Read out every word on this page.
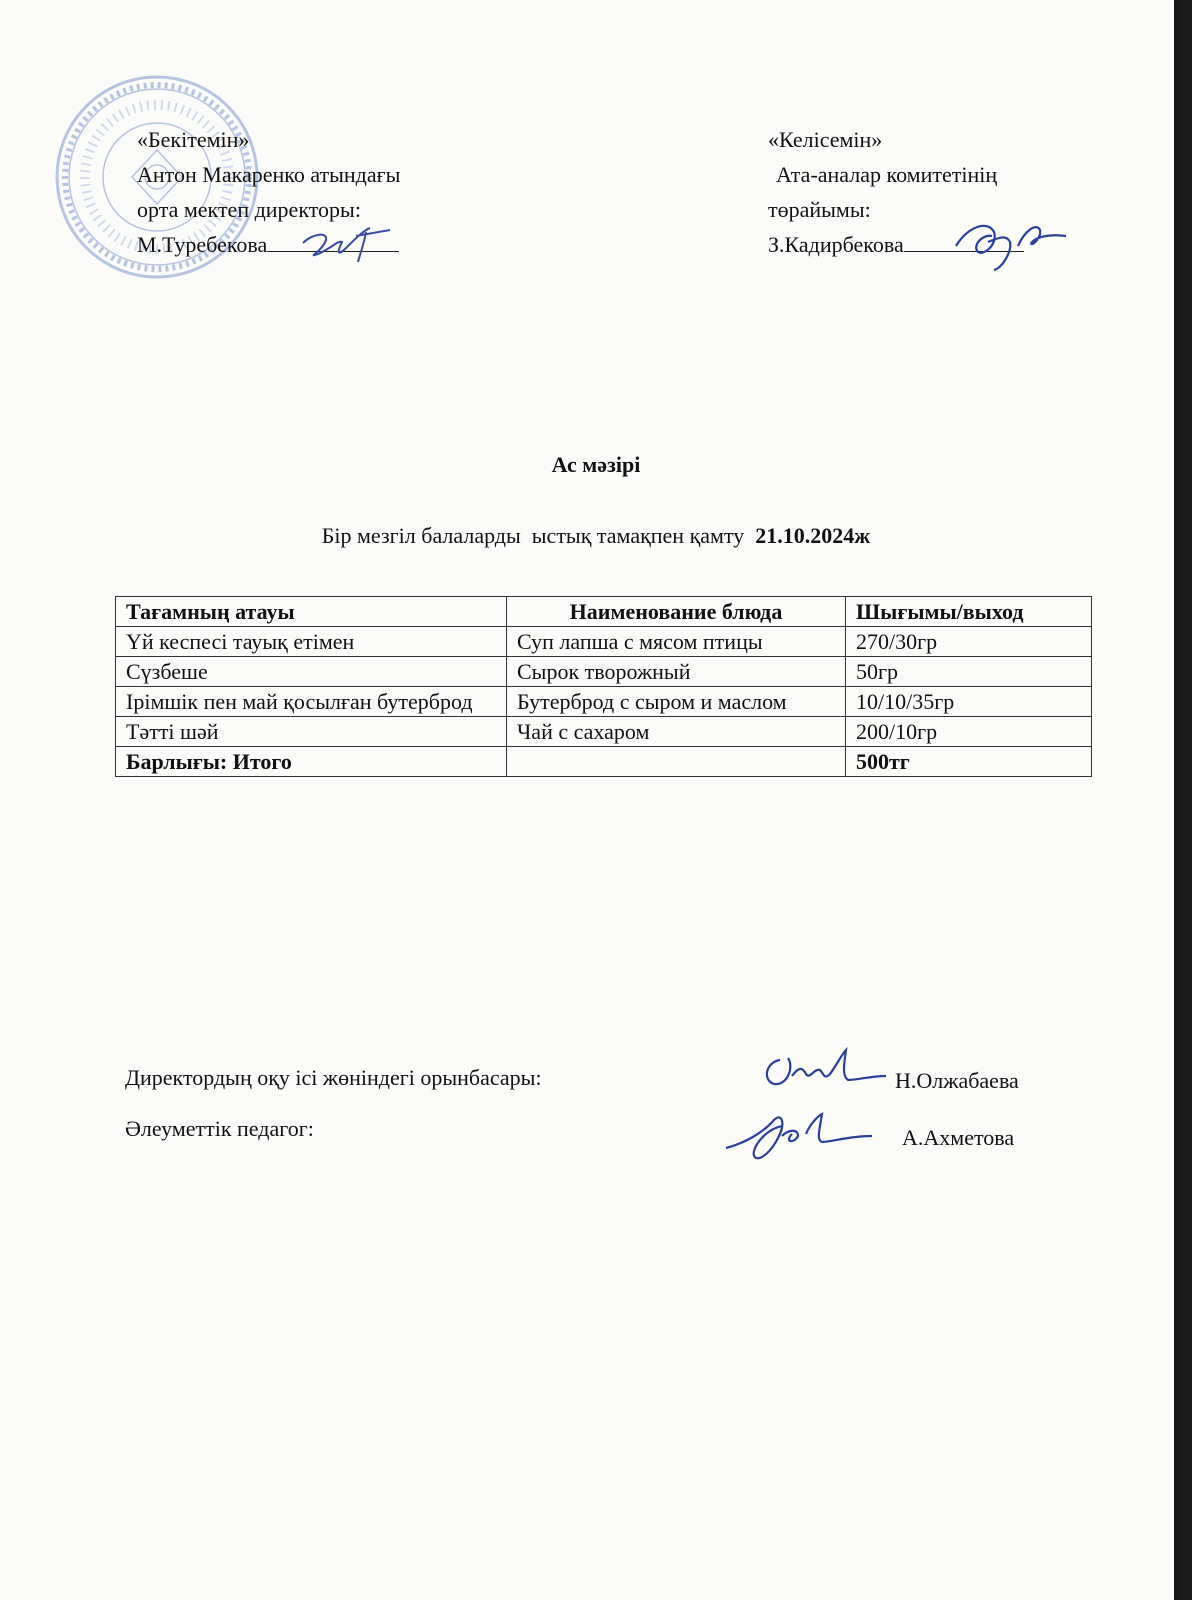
«Бекітемін»
Антон Макаренко атындағы
орта мектеп директоры:
М.Туребекова
«Келісемін»
Ата-аналар комитетінің
төрайымы:
З.Кадирбекова
Ас мәзірі
Бір мезгіл балаларды  ыстық тамақпен қамту  21.10.2024ж
Тағамның атауы	Наименование блюда	Шығымы/выход
Үй кеспесі тауық етімен	Суп лапша с мясом птицы	270/30гр
Сүзбеше	Сырок творожный	50гр
Ірімшік пен май қосылған бутерброд	Бутерброд с сыром и маслом	10/10/35гр
Тәтті шәй	Чай с сахаром	200/10гр
Барлығы: Итого		500тг
Директордың оқу ісі жөніндегі орынбасары:	Н.Олжабаева
Әлеуметтік педагог:	А.Ахметова
